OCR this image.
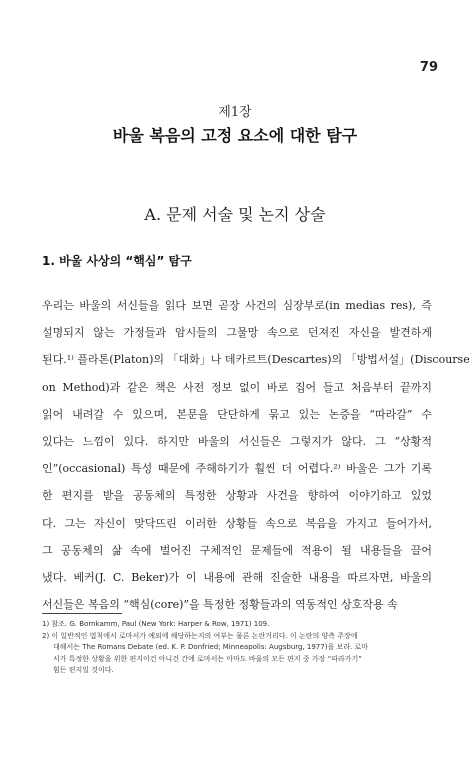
79
제1장
바울 복음의 고정 요소에 대한 탐구
A. 문제 서술 및 논지 상술
1. 바울 사상의 “핵심” 탐구
우리는 바울의 서신들을 읽다 보면 곧장 사건의 심장부로(in medias res), 즉
설명되지 않는 가정들과 암시들의 그물망 속으로 던져진 자신을 발견하게
된다.¹⁾ 플라톤(Platon)의 「대화」나 데카르트(Descartes)의 「방법서설」(Discourse
on Method)과 같은 책은 사전 정보 없이 바로 집어 들고 처음부터 끝까지
읽어 내려갈 수 있으며, 본문을 단단하게 묶고 있는 논증을 “따라갈” 수
있다는 느낌이 있다. 하지만 바울의 서신들은 그렇지가 않다. 그 “상황적
인”(occasional) 특성 때문에 주해하기가 훨씬 더 어렵다.²⁾ 바울은 그가 기록
한 편지를 받을 공동체의 특정한 상황과 사건을 향하여 이야기하고 있었
다. 그는 자신이 맞닥뜨린 이러한 상황들 속으로 복음을 가지고 들어가서,
그 공동체의 삶 속에 벌어진 구체적인 문제들에 적용이 될 내용들을 끌어
냈다. 베커(J. C. Beker)가 이 내용에 관해 진술한 내용을 따르자면, 바울의
서신들은 복음의 “핵심(core)”을 특정한 정황들과의 역동적인 상호작용 속
1) 참조. G. Bornkamm, Paul (New York: Harper & Row, 1971) 109.
2) 이 일반적인 법칙에서 로마서가 예외에 해당하는지의 여부는 물론 논란거리다. 이 논란의 양측 주장에
대해서는 The Romans Debate (ed. K. P. Donfried; Minneapolis: Augsburg, 1977)을 보라. 로마
서가 특정한 상황을 위한 편지이건 아니건 간에 로마서는 아마도 바울의 모든 편지 중 가장 “따라가기”
힘든 편지일 것이다.
